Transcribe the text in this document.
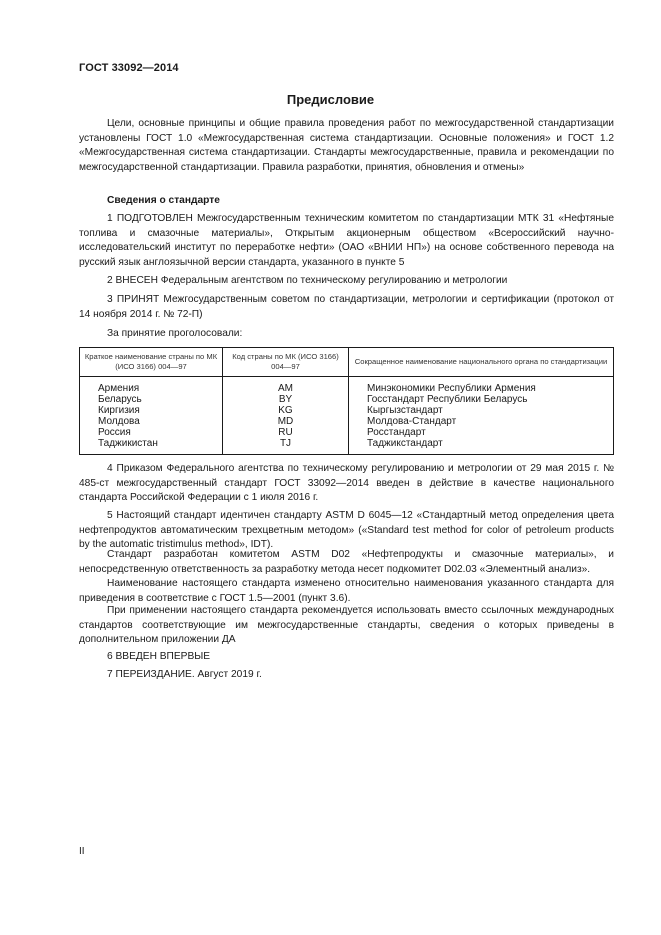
ГОСТ 33092—2014
Предисловие

Цели, основные принципы и общие правила проведения работ по межгосударственной стандартизации установлены ГОСТ 1.0 «Межгосударственная система стандартизации. Основные положения» и ГОСТ 1.2 «Межгосударственная система стандартизации. Стандарты межгосударственные, правила и рекомендации по межгосударственной стандартизации. Правила разработки, принятия, обновления и отмены»

Сведения о стандарте

1 ПОДГОТОВЛЕН Межгосударственным техническим комитетом по стандартизации МТК 31 «Нефтяные топлива и смазочные материалы», Открытым акционерным обществом «Всероссийский научно-исследовательский институт по переработке нефти» (ОАО «ВНИИ НП») на основе собственного перевода на русский язык англоязычной версии стандарта, указанного в пункте 5

2 ВНЕСЕН Федеральным агентством по техническому регулированию и метрологии

3 ПРИНЯТ Межгосударственным советом по стандартизации, метрологии и сертификации (протокол от 14 ноября 2014 г. № 72-П)

За принятие проголосовали:

Краткое наименование страны по МК (ИСО 3166) 004—97	Код страны по МК (ИСО 3166) 004—97	Сокращенное наименование национального органа по стандартизации
Армения	AM	Минэкономики Республики Армения
Беларусь	BY	Госстандарт Республики Беларусь
Киргизия	KG	Кыргызстандарт
Молдова	MD	Молдова-Стандарт
Россия	RU	Росстандарт
Таджикистан	TJ	Таджикстандарт

4 Приказом Федерального агентства по техническому регулированию и метрологии от 29 мая 2015 г. № 485-ст межгосударственный стандарт ГОСТ 33092—2014 введен в действие в качестве национального стандарта Российской Федерации с 1 июля 2016 г.

5 Настоящий стандарт идентичен стандарту ASTM D 6045—12 «Стандартный метод определения цвета нефтепродуктов автоматическим трехцветным методом» («Standard test method for color of petroleum products by the automatic tristimulus method», IDT).

Стандарт разработан комитетом ASTM D02 «Нефтепродукты и смазочные материалы», и непосредственную ответственность за разработку метода несет подкомитет D02.03 «Элементный анализ».

Наименование настоящего стандарта изменено относительно наименования указанного стандарта для приведения в соответствие с ГОСТ 1.5—2001 (пункт 3.6).

При применении настоящего стандарта рекомендуется использовать вместо ссылочных международных стандартов соответствующие им межгосударственные стандарты, сведения о которых приведены в дополнительном приложении ДА

6 ВВЕДЕН ВПЕРВЫЕ

7 ПЕРЕИЗДАНИЕ. Август 2019 г.

II
